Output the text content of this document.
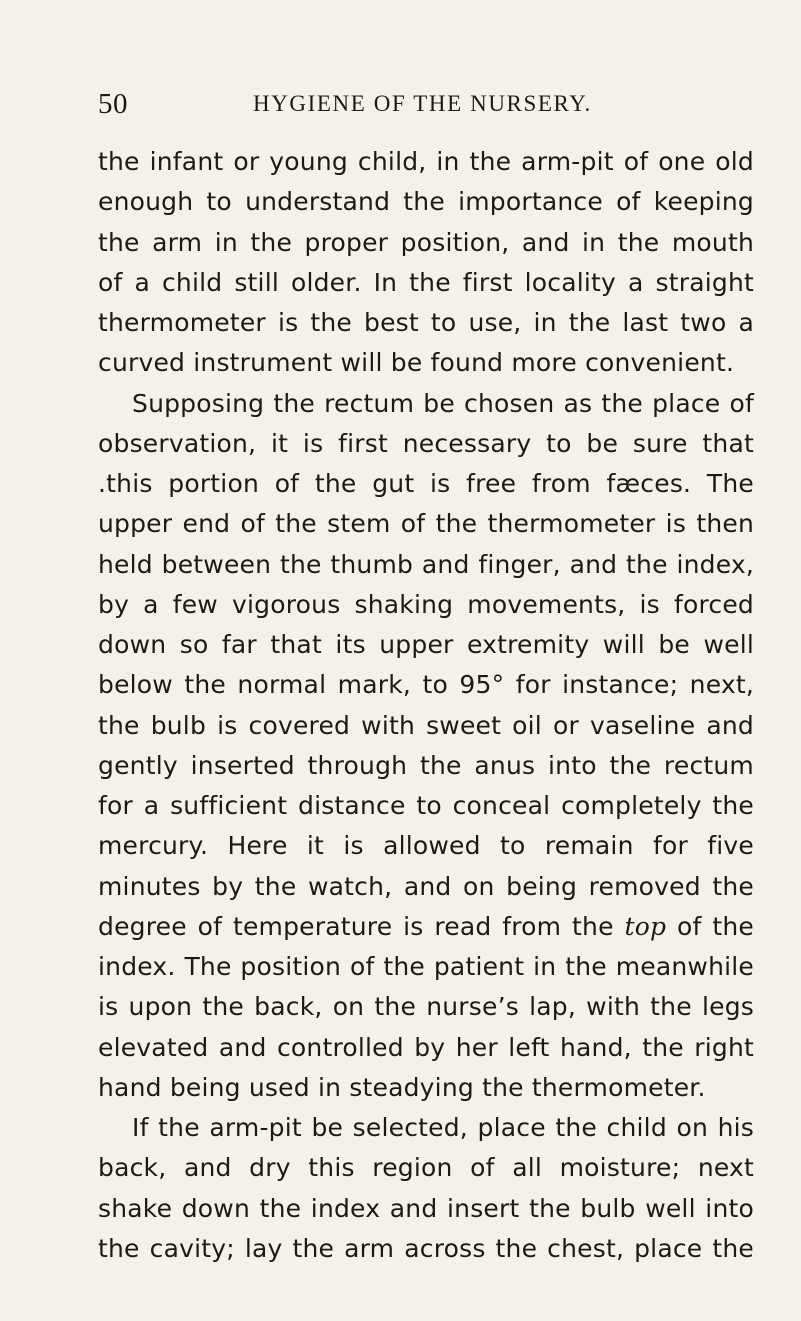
50	HYGIENE OF THE NURSERY.
the infant or young child, in the arm-pit of one old
enough to understand the importance of keeping
the arm in the proper position, and in the mouth
of a child still older. In the first locality a straight
thermometer is the best to use, in the last two a
curved instrument will be found more convenient.
Supposing the rectum be chosen as the place of
observation, it is first necessary to be sure that
.this portion of the gut is free from fæces. The
upper end of the stem of the thermometer is then
held between the thumb and finger, and the index,
by a few vigorous shaking movements, is forced
down so far that its upper extremity will be well
below the normal mark, to 95° for instance; next,
the bulb is covered with sweet oil or vaseline and
gently inserted through the anus into the rectum
for a sufficient distance to conceal completely the
mercury. Here it is allowed to remain for five
minutes by the watch, and on being removed the
degree of temperature is read from the top of the
index. The position of the patient in the meanwhile
is upon the back, on the nurse’s lap, with the legs
elevated and controlled by her left hand, the right
hand being used in steadying the thermometer.
If the arm-pit be selected, place the child on his
back, and dry this region of all moisture; next
shake down the index and insert the bulb well into
the cavity; lay the arm across the chest, place the
